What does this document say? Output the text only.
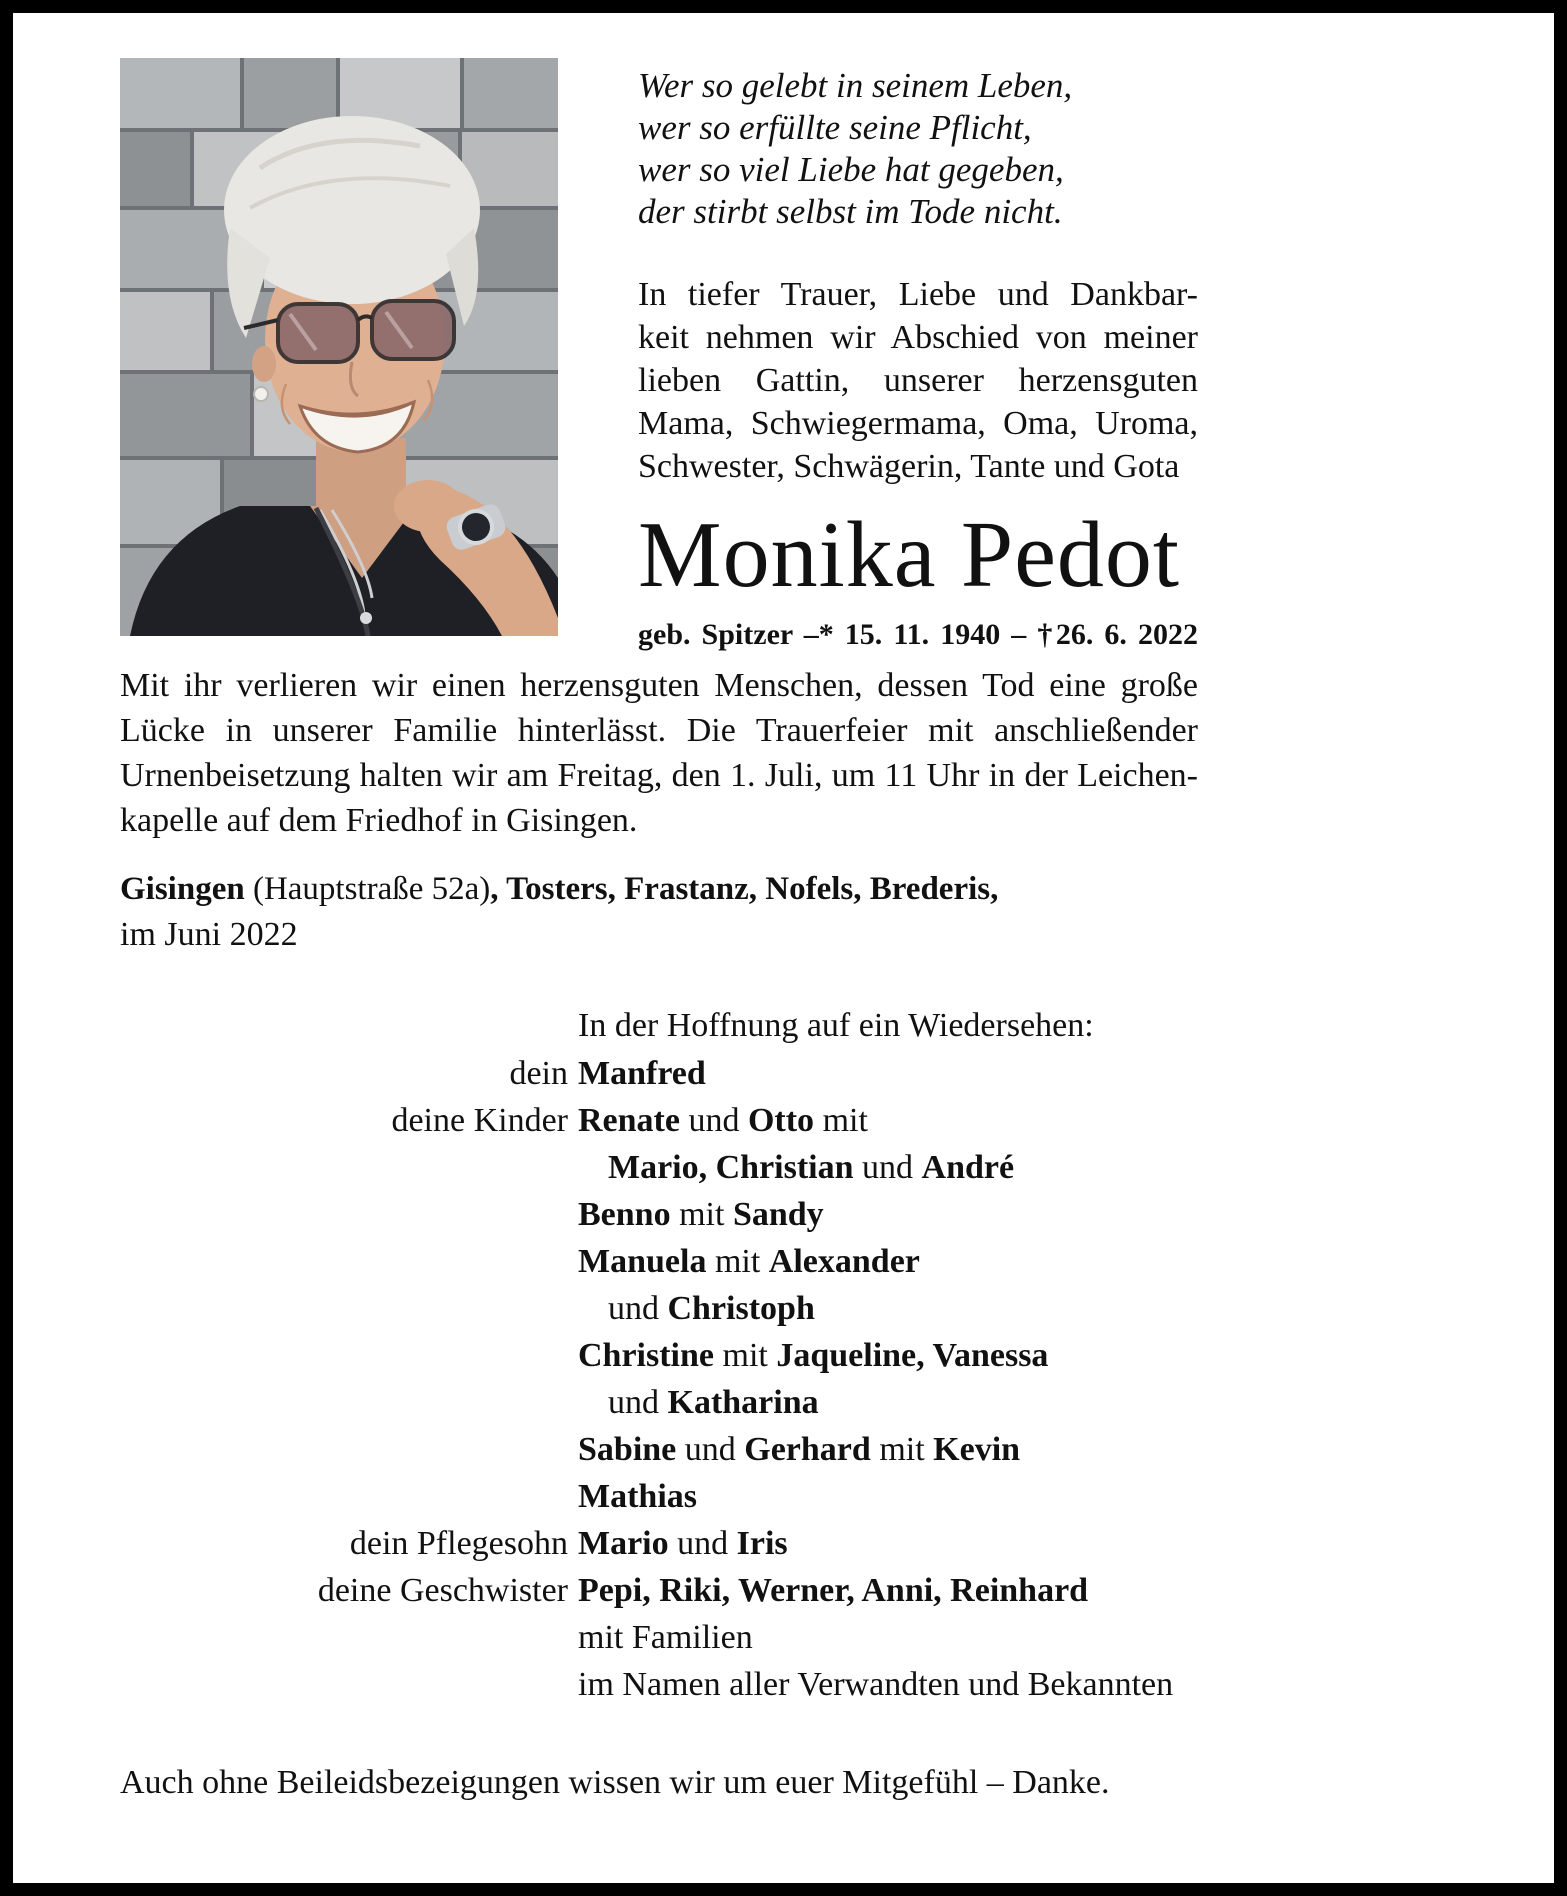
Wer so gelebt in seinem Leben,
wer so erfüllte seine Pflicht,
wer so viel Liebe hat gegeben,
der stirbt selbst im Tode nicht.
In tiefer Trauer, Liebe und Dankbar-
keit nehmen wir Abschied von meiner
lieben Gattin, unserer herzensguten
Mama, Schwiegermama, Oma, Uroma,
Schwester, Schwägerin, Tante und Gota
Monika Pedot
geb. Spitzer –* 15. 11. 1940 – †26. 6. 2022
Mit ihr verlieren wir einen herzensguten Menschen, dessen Tod eine große
Lücke in unserer Familie hinterlässt. Die Trauerfeier mit anschließender
Urnenbeisetzung halten wir am Freitag, den 1. Juli, um 11 Uhr in der Leichen-
kapelle auf dem Friedhof in Gisingen.
Gisingen (Hauptstraße 52a), Tosters, Frastanz, Nofels, Brederis,
im Juni 2022
In der Hoffnung auf ein Wiedersehen:
dein Manfred
deine Kinder Renate und Otto mit
Mario, Christian und André
Benno mit Sandy
Manuela mit Alexander
und Christoph
Christine mit Jaqueline, Vanessa
und Katharina
Sabine und Gerhard mit Kevin
Mathias
dein Pflegesohn Mario und Iris
deine Geschwister Pepi, Riki, Werner, Anni, Reinhard
mit Familien
im Namen aller Verwandten und Bekannten
Auch ohne Beileidsbezeigungen wissen wir um euer Mitgefühl – Danke.
